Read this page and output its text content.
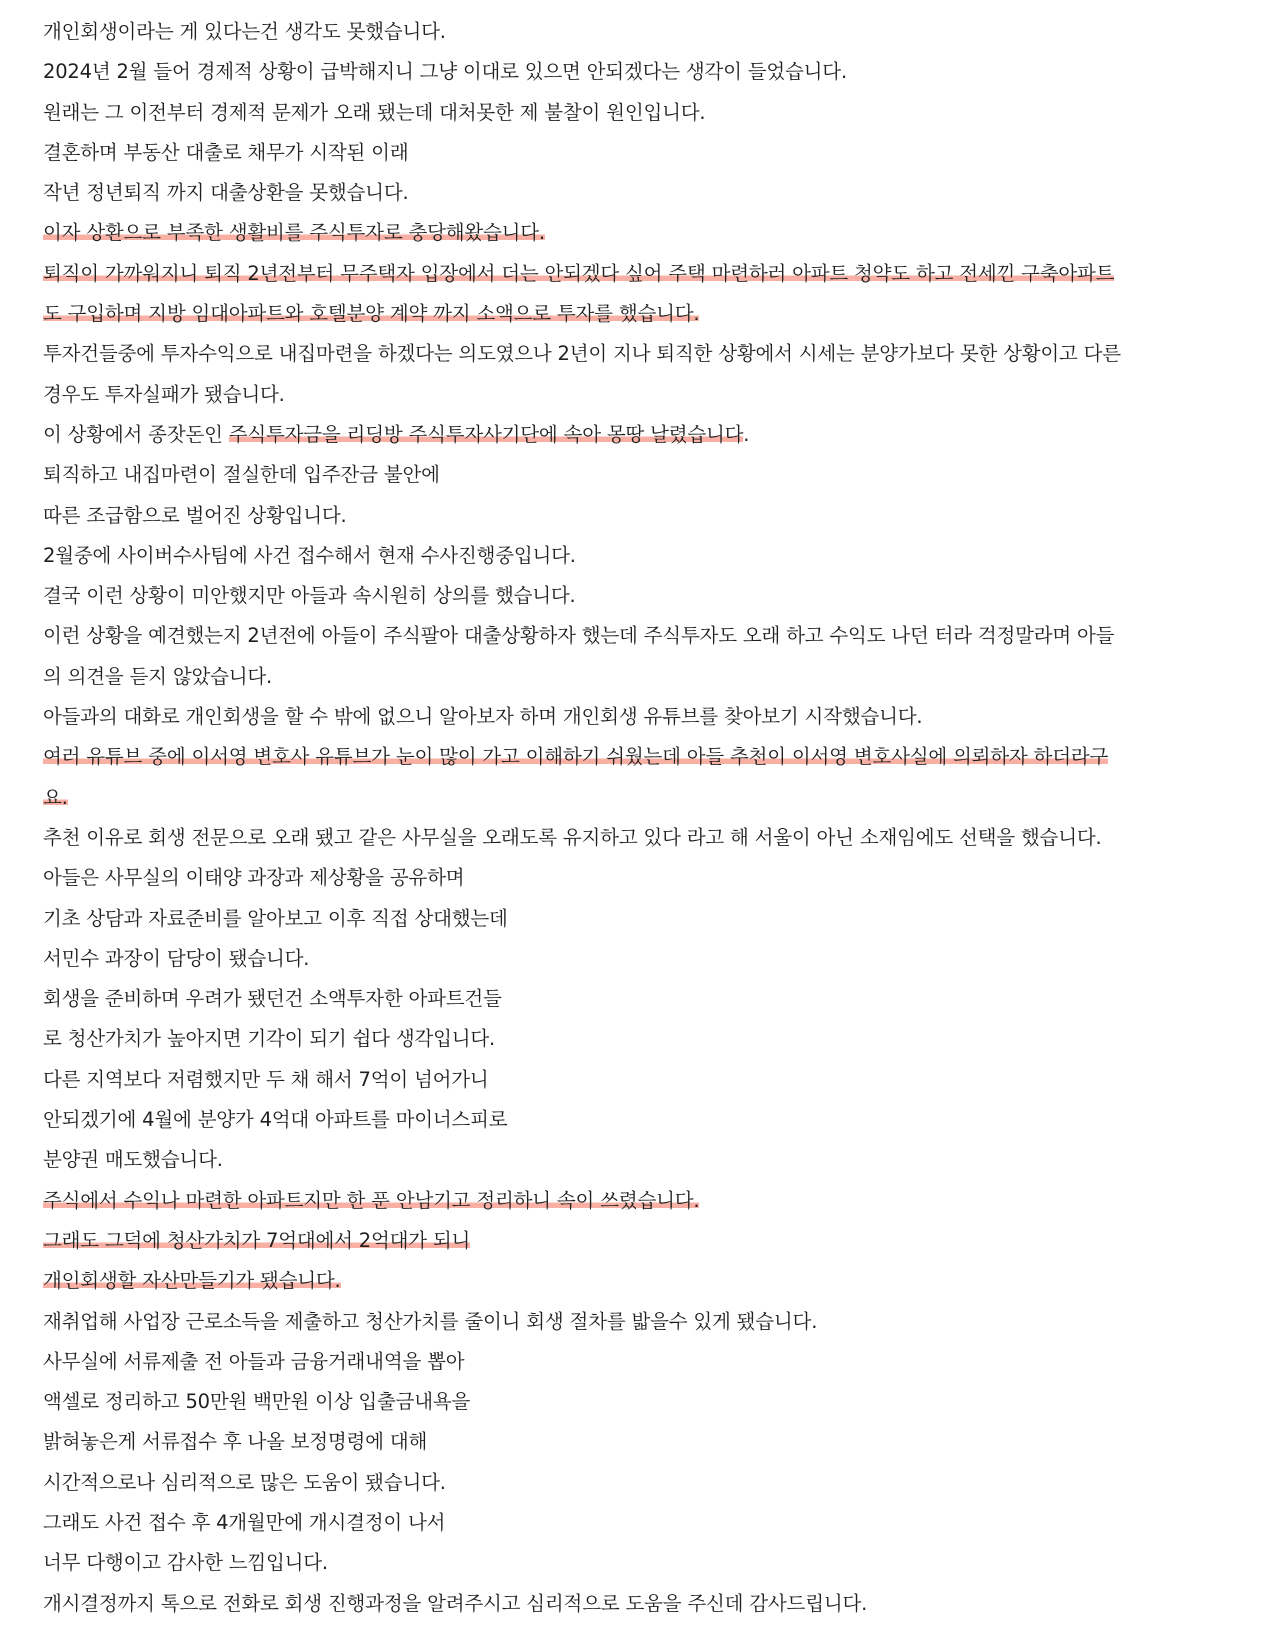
개인회생이라는 게 있다는건 생각도 못했습니다.
2024년 2월 들어 경제적 상황이 급박해지니 그냥 이대로 있으면 안되겠다는 생각이 들었습니다.
원래는 그 이전부터 경제적 문제가 오래 됐는데 대처못한 제 불찰이 원인입니다.
결혼하며 부동산 대출로 채무가 시작된 이래
작년 정년퇴직 까지 대출상환을 못했습니다.
이자 상환으로 부족한 생활비를 주식투자로 충당해왔습니다.
퇴직이 가까워지니 퇴직 2년전부터 무주택자 입장에서 더는 안되겠다 싶어 주택 마련하러 아파트 청약도 하고 전세낀 구축아파트
도 구입하며 지방 임대아파트와 호텔분양 계약 까지 소액으로 투자를 했습니다.
투자건들중에 투자수익으로 내집마련을 하겠다는 의도였으나 2년이 지나 퇴직한 상황에서 시세는 분양가보다 못한 상황이고 다른
경우도 투자실패가 됐습니다.
이 상황에서 종잣돈인 주식투자금을 리딩방 주식투자사기단에 속아 몽땅 날렸습니다.
퇴직하고 내집마련이 절실한데 입주잔금 불안에
따른 조급함으로 벌어진 상황입니다.
2월중에 사이버수사팀에 사건 접수해서 현재 수사진행중입니다.
결국 이런 상황이 미안했지만 아들과 속시원히 상의를 했습니다.
이런 상황을 예견했는지 2년전에 아들이 주식팔아 대출상황하자 했는데 주식투자도 오래 하고 수익도 나던 터라 걱정말라며 아들
의 의견을 듣지 않았습니다.
아들과의 대화로 개인회생을 할 수 밖에 없으니 알아보자 하며 개인회생 유튜브를 찾아보기 시작했습니다.
여러 유튜브 중에 이서영 변호사 유튜브가 눈이 많이 가고 이해하기 쉬웠는데 아들 추천이 이서영 변호사실에 의뢰하자 하더라구
요.
추천 이유로 회생 전문으로 오래 됐고 같은 사무실을 오래도록 유지하고 있다 라고 해 서울이 아닌 소재임에도 선택을 했습니다.
아들은 사무실의 이태양 과장과 제상황을 공유하며
기초 상담과 자료준비를 알아보고 이후 직접 상대했는데
서민수 과장이 담당이 됐습니다.
회생을 준비하며 우려가 됐던건 소액투자한 아파트건들
로 청산가치가 높아지면 기각이 되기 쉽다 생각입니다.
다른 지역보다 저렴했지만 두 채 해서 7억이 넘어가니
안되겠기에 4월에 분양가 4억대 아파트를 마이너스피로
분양권 매도했습니다.
주식에서 수익나 마련한 아파트지만 한 푼 안남기고 정리하니 속이 쓰렸습니다.
그래도 그덕에 청산가치가 7억대에서 2억대가 되니
개인회생할 자산만들기가 됐습니다.
재취업해 사업장 근로소득을 제출하고 청산가치를 줄이니 회생 절차를 밟을수 있게 됐습니다.
사무실에 서류제출 전 아들과 금융거래내역을 뽑아
액셀로 정리하고 50만원 백만원 이상 입출금내욕을
밝혀놓은게 서류접수 후 나올 보정명령에 대해
시간적으로나 심리적으로 많은 도움이 됐습니다.
그래도 사건 접수 후 4개월만에 개시결정이 나서
너무 다행이고 감사한 느낌입니다.
개시결정까지 톡으로 전화로 회생 진행과정을 알려주시고 심리적으로 도움을 주신데 감사드립니다.
